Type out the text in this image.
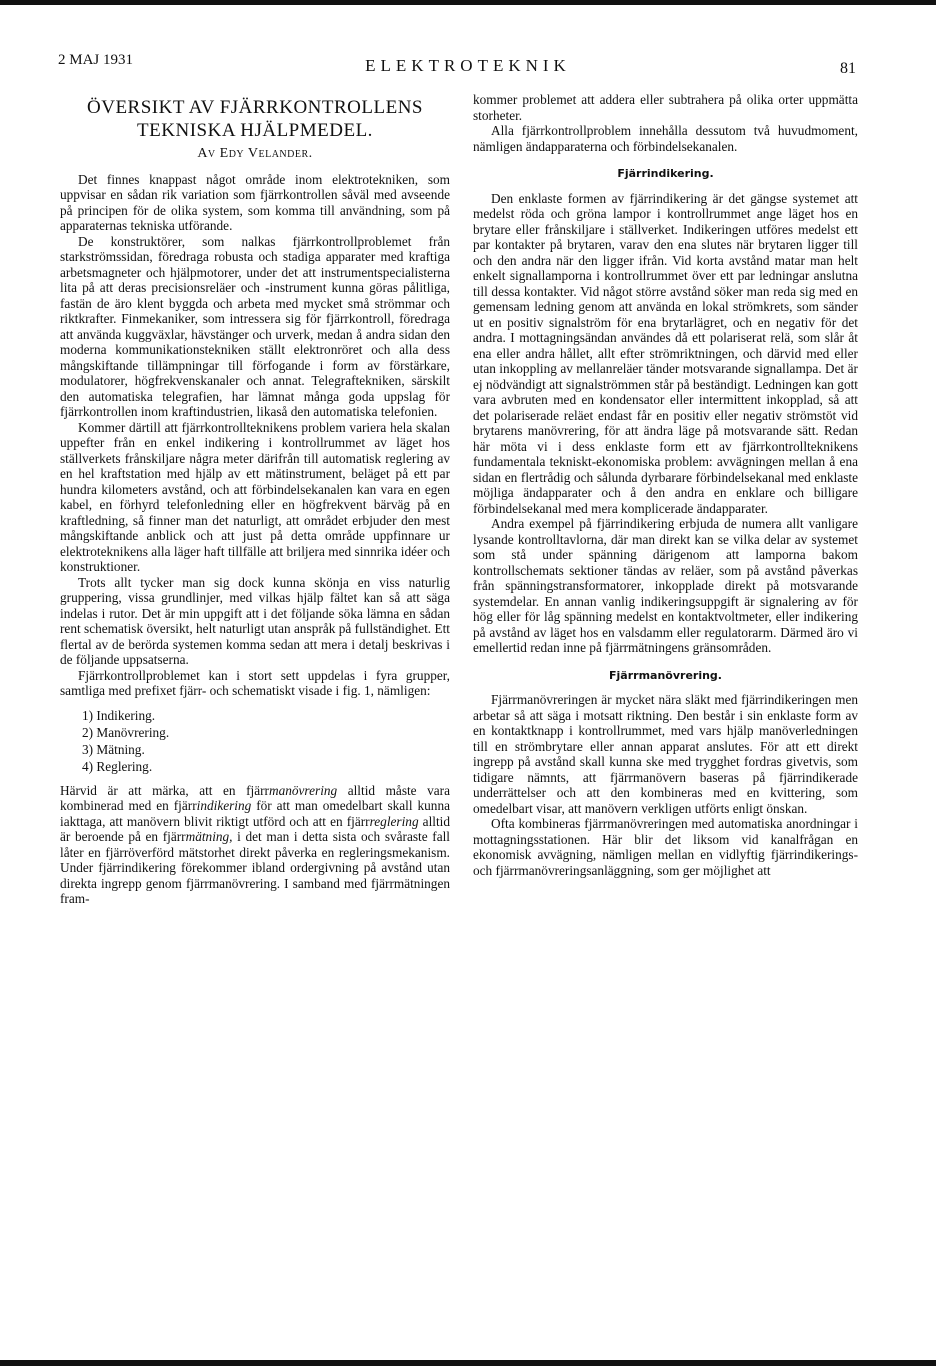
2 MAJ 1931	ELEKTROTEKNIK	81
ÖVERSIKT AV FJÄRRKONTROLLENS
TEKNISKA HJÄLPMEDEL.
Av Edy Velander.

Det finnes knappast något område inom elektrotekniken, som uppvisar en sådan rik variation som fjärrkontrollen såväl med avseende på principen för de olika system, som komma till användning, som på apparaternas tekniska utförande.

De konstruktörer, som nalkas fjärrkontrollproblemet från starkströmssidan, föredraga robusta och stadiga apparater med kraftiga arbetsmagneter och hjälpmotorer, under det att instrumentspecialisterna lita på att deras precisionsreläer och -instrument kunna göras pålitliga, fastän de äro klent byggda och arbeta med mycket små strömmar och riktkrafter. Finmekaniker, som intressera sig för fjärrkontroll, föredraga att använda kuggväxlar, hävstänger och urverk, medan å andra sidan den moderna kommunikationstekniken ställt elektronröret och alla dess mångskiftande tillämpningar till förfogande i form av förstärkare, modulatorer, högfrekvenskanaler och annat. Telegraftekniken, särskilt den automatiska telegrafien, har lämnat många goda uppslag för fjärrkontrollen inom kraftindustrien, likaså den automatiska telefonien.

Kommer därtill att fjärrkontrollteknikens problem variera hela skalan uppefter från en enkel indikering i kontrollrummet av läget hos ställverkets frånskiljare några meter därifrån till automatisk reglering av en hel kraftstation med hjälp av ett mätinstrument, beläget på ett par hundra kilometers avstånd, och att förbindelsekanalen kan vara en egen kabel, en förhyrd telefonledning eller en högfrekvent bärväg på en kraftledning, så finner man det naturligt, att området erbjuder den mest mångskiftande anblick och att just på detta område uppfinnare ur elektroteknikens alla läger haft tillfälle att briljera med sinnrika idéer och konstruktioner.

Trots allt tycker man sig dock kunna skönja en viss naturlig gruppering, vissa grundlinjer, med vilkas hjälp fältet kan så att säga indelas i rutor. Det är min uppgift att i det följande söka lämna en sådan rent schematisk översikt, helt naturligt utan anspråk på fullständighet. Ett flertal av de berörda systemen komma sedan att mera i detalj beskrivas i de följande uppsatserna.

Fjärrkontrollproblemet kan i stort sett uppdelas i fyra grupper, samtliga med prefixet fjärr- och schematiskt visade i fig. 1, nämligen:

1) Indikering.
2) Manövrering.
3) Mätning.
4) Reglering.

Härvid är att märka, att en fjärrmanövrering alltid måste vara kombinerad med en fjärrindikering för att man omedelbart skall kunna iakttaga, att manövern blivit riktigt utförd och att en fjärrreglering alltid är beroende på en fjärrmätning, i det man i detta sista och svåraste fall låter en fjärröverförd mätstorhet direkt påverka en regleringsmekanism. Under fjärrindikering förekommer ibland ordergivning på avstånd utan direkta ingrepp genom fjärrmanövrering. I samband med fjärrmätningen fram-

kommer problemet att addera eller subtrahera på olika orter uppmätta storheter.

Alla fjärrkontrollproblem innehålla dessutom två huvudmoment, nämligen ändapparaterna och förbindelsekanalen.

Fjärrindikering.

Den enklaste formen av fjärrindikering är det gängse systemet att medelst röda och gröna lampor i kontrollrummet ange läget hos en brytare eller frånskiljare i ställverket. Indikeringen utföres medelst ett par kontakter på brytaren, varav den ena slutes när brytaren ligger till och den andra när den ligger ifrån. Vid korta avstånd matar man helt enkelt signallamporna i kontrollrummet över ett par ledningar anslutna till dessa kontakter. Vid något större avstånd söker man reda sig med en gemensam ledning genom att använda en lokal strömkrets, som sänder ut en positiv signalström för ena brytarlägret, och en negativ för det andra. I mottagningsändan användes då ett polariserat relä, som slår åt ena eller andra hållet, allt efter strömriktningen, och därvid med eller utan inkoppling av mellanreläer tänder motsvarande signallampa. Det är ej nödvändigt att signalströmmen står på beständigt. Ledningen kan gott vara avbruten med en kondensator eller intermittent inkopplad, så att det polariserade reläet endast får en positiv eller negativ strömstöt vid brytarens manövrering, för att ändra läge på motsvarande sätt. Redan här möta vi i dess enklaste form ett av fjärrkontrollteknikens fundamentala tekniskt-ekonomiska problem: avvägningen mellan å ena sidan en flertrådig och sålunda dyrbarare förbindelsekanal med enklaste möjliga ändapparater och å den andra en enklare och billigare förbindelsekanal med mera komplicerade ändapparater.

Andra exempel på fjärrindikering erbjuda de numera allt vanligare lysande kontrolltavlorna, där man direkt kan se vilka delar av systemet som stå under spänning därigenom att lamporna bakom kontrollschemats sektioner tändas av reläer, som på avstånd påverkas från spänningstransformatorer, inkopplade direkt på motsvarande systemdelar. En annan vanlig indikeringsuppgift är signalering av för hög eller för låg spänning medelst en kontaktvoltmeter, eller indikering på avstånd av läget hos en valsdamm eller regulatorarm. Därmed äro vi emellertid redan inne på fjärrmätningens gränsområden.

Fjärrmanövrering.

Fjärrmanövreringen är mycket nära släkt med fjärrindikeringen men arbetar så att säga i motsatt riktning. Den består i sin enklaste form av en kontaktknapp i kontrollrummet, med vars hjälp manöverledningen till en strömbrytare eller annan apparat anslutes. För att ett direkt ingrepp på avstånd skall kunna ske med trygghet fordras givetvis, som tidigare nämnts, att fjärrmanövern baseras på fjärrindikerade underrättelser och att den kombineras med en kvittering, som omedelbart visar, att manövern verkligen utförts enligt önskan.

Ofta kombineras fjärrmanövreringen med automatiska anordningar i mottagningsstationen. Här blir det liksom vid kanalfrågan en ekonomisk avvägning, nämligen mellan en vidlyftig fjärrindikerings- och fjärrmanövreringsanläggning, som ger möjlighet att
